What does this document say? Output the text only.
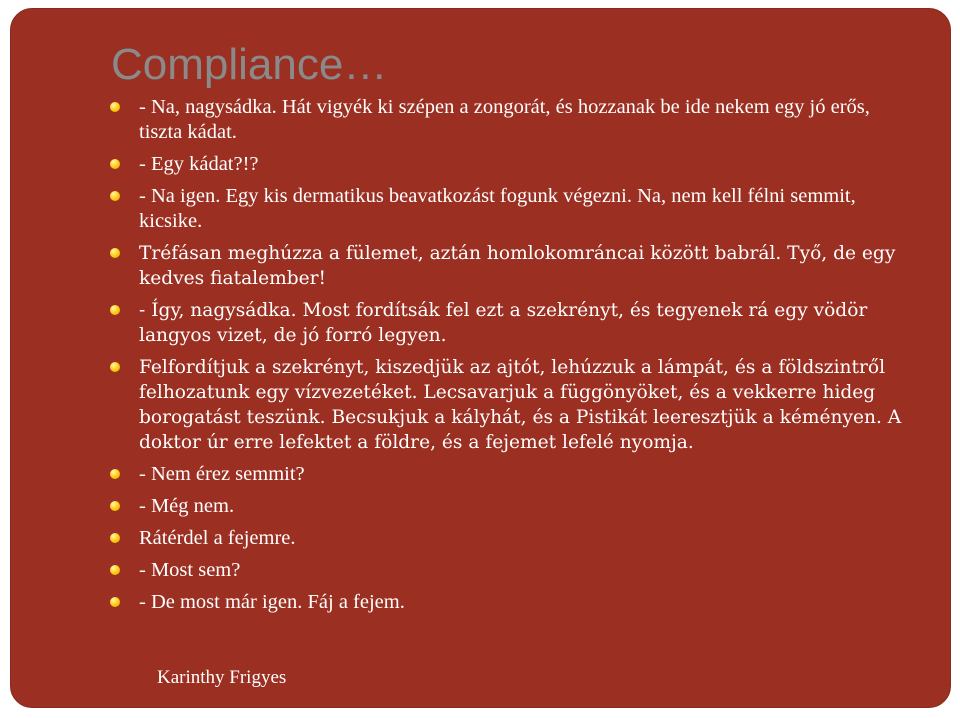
Compliance…
- Na, nagysádka. Hát vigyék ki szépen a zongorát, és hozzanak be ide nekem egy jó erős, tiszta kádat.
- Egy kádat?!?
- Na igen. Egy kis dermatikus beavatkozást fogunk végezni. Na, nem kell félni semmit, kicsike.
Tréfásan meghúzza a fülemet, aztán homlokomráncai között babrál. Tyő, de egy kedves fiatalember!
- Így, nagysádka. Most fordítsák fel ezt a szekrényt, és tegyenek rá egy vödör langyos vizet, de jó forró legyen.
Felfordítjuk a szekrényt, kiszedjük az ajtót, lehúzzuk a lámpát, és a földszintről felhozatunk egy vízvezetéket. Lecsavarjuk a függönyöket, és a vekkerre hideg borogatást teszünk. Becsukjuk a kályhát, és a Pistikát leeresztjük a kéményen. A doktor úr erre lefektet a földre, és a fejemet lefelé nyomja.
- Nem érez semmit?
- Még nem.
Rátérdel a fejemre.
- Most sem?
- De most már igen. Fáj a fejem.

Karinthy Frigyes
